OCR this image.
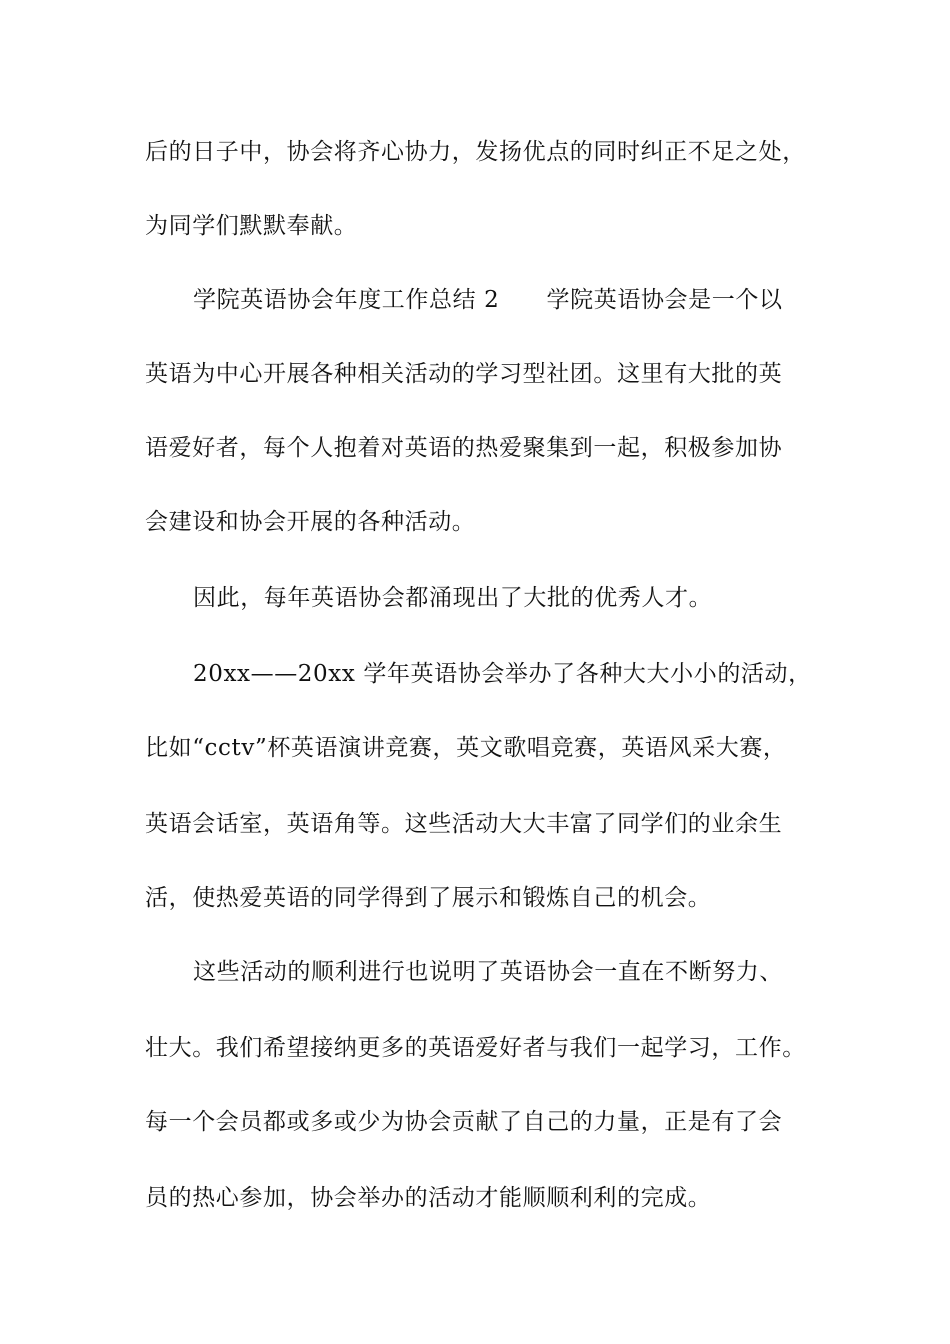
后的日子中，协会将齐心协力，发扬优点的同时纠正不足之处，
为同学们默默奉献。
学院英语协会年度工作总结 2　　学院英语协会是一个以
英语为中心开展各种相关活动的学习型社团。这里有大批的英
语爱好者，每个人抱着对英语的热爱聚集到一起，积极参加协
会建设和协会开展的各种活动。
因此，每年英语协会都涌现出了大批的优秀人才。
20xx——20xx 学年英语协会举办了各种大大小小的活动，
比如“cctv”杯英语演讲竞赛，英文歌唱竞赛，英语风采大赛，
英语会话室，英语角等。这些活动大大丰富了同学们的业余生
活，使热爱英语的同学得到了展示和锻炼自己的机会。
这些活动的顺利进行也说明了英语协会一直在不断努力、
壮大。我们希望接纳更多的英语爱好者与我们一起学习，工作。
每一个会员都或多或少为协会贡献了自己的力量，正是有了会
员的热心参加，协会举办的活动才能顺顺利利的完成。
